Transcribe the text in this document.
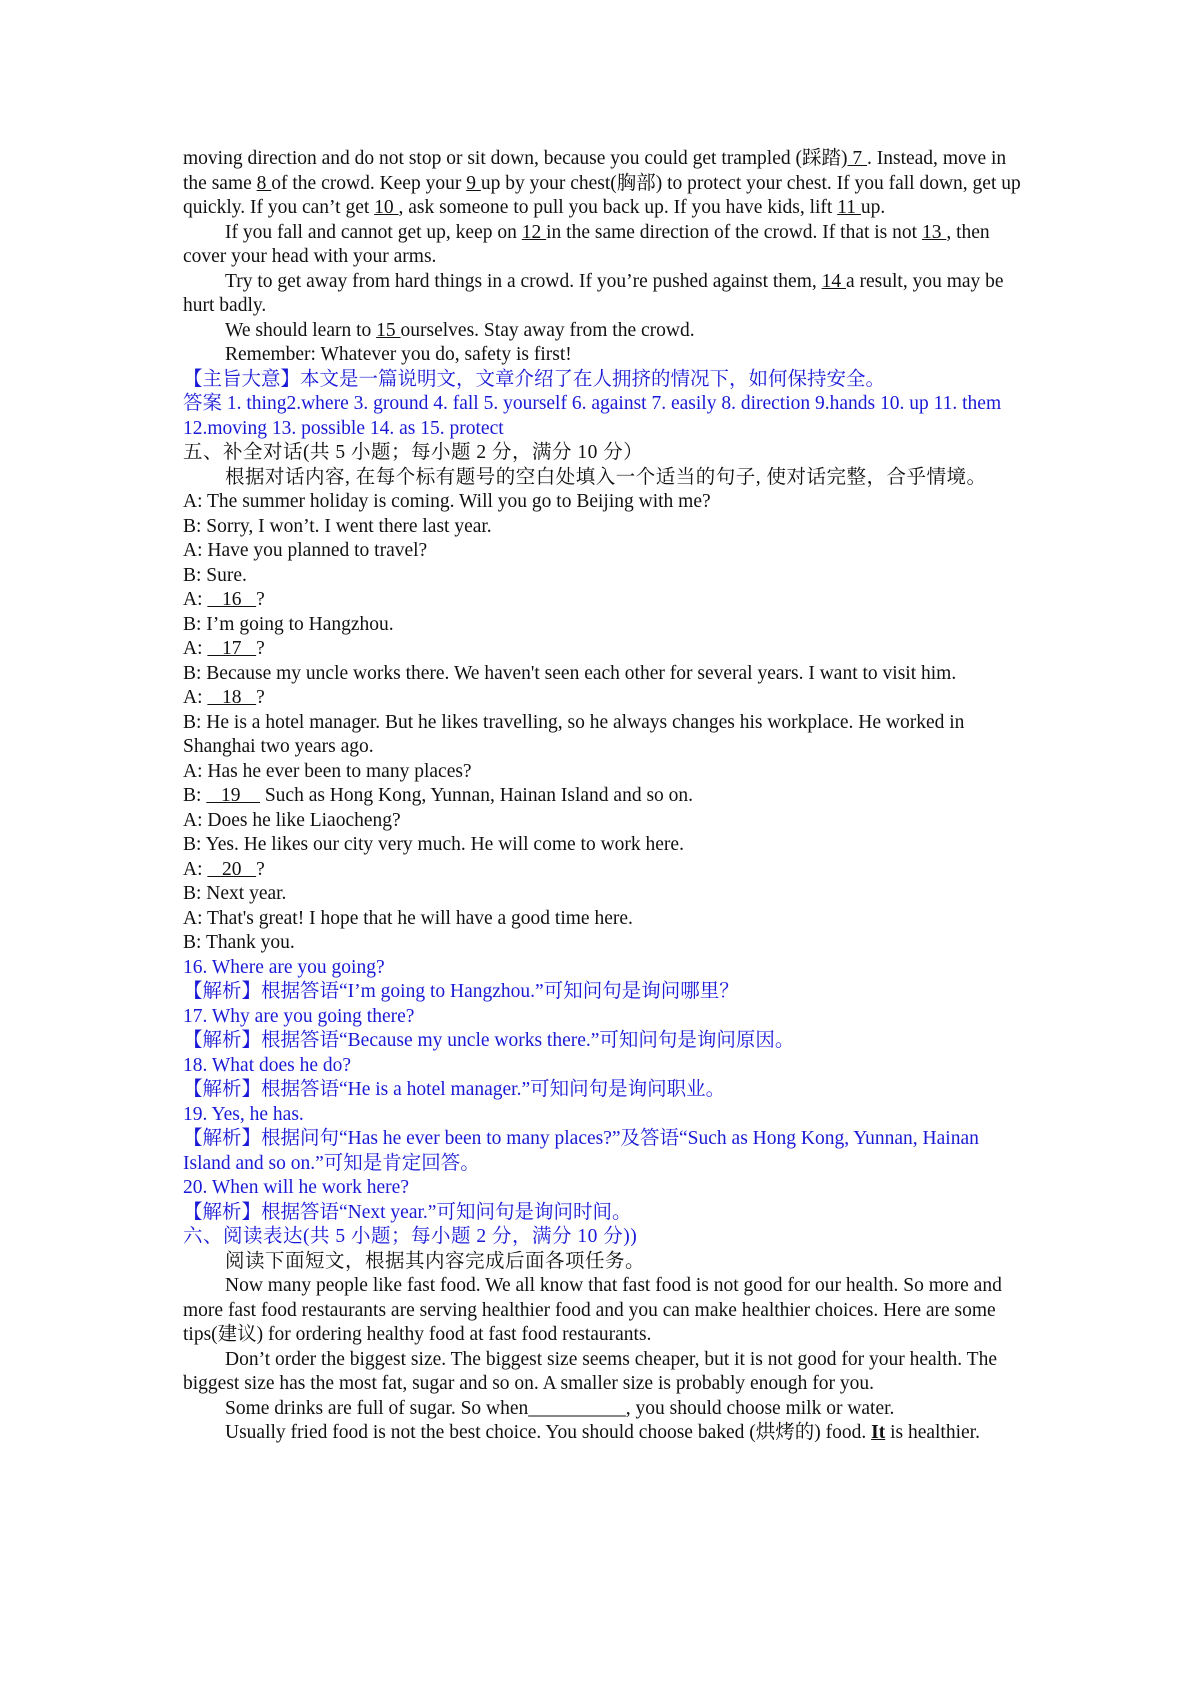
moving direction and do not stop or sit down, because you could get trampled (踩踏) 7 . Instead, move in the same 8 of the crowd. Keep your 9 up by your chest(胸部) to protect your chest. If you fall down, get up quickly. If you can’t get 10 , ask someone to pull you back up. If you have kids, lift 11 up.

If you fall and cannot get up, keep on 12 in the same direction of the crowd. If that is not 13 , then cover your head with your arms.

Try to get away from hard things in a crowd. If you’re pushed against them, 14 a result, you may be hurt badly.

We should learn to 15 ourselves. Stay away from the crowd.

Remember: Whatever you do, safety is first!

【主旨大意】本文是一篇说明文，文章介绍了在人拥挤的情况下，如何保持安全。

答案 1. thing2.where 3. ground 4. fall 5. yourself 6. against 7. easily 8. direction 9.hands 10. up 11. them 12.moving 13. possible 14. as 15. protect

五、补全对话(共 5 小题；每小题 2 分，满分 10 分）

根据对话内容, 在每个标有题号的空白处填入一个适当的句子, 使对话完整，合乎情境。

A: The summer holiday is coming. Will you go to Beijing with me?

B: Sorry, I won’t. I went there last year.

A: Have you planned to travel?

B: Sure.

A:    16   ?

B: I’m going to Hangzhou.

A:    17   ?

B: Because my uncle works there. We haven't seen each other for several years. I want to visit him.

A:    18   ?

B: He is a hotel manager. But he likes travelling, so he always changes his workplace. He worked in Shanghai two years ago.

A: Has he ever been to many places?

B:    19     Such as Hong Kong, Yunnan, Hainan Island and so on.

A: Does he like Liaocheng?

B: Yes. He likes our city very much. He will come to work here.

A:    20   ?

B: Next year.

A: That's great! I hope that he will have a good time here.

B: Thank you.

16. Where are you going?

【解析】根据答语“I’m going to Hangzhou.”可知问句是询问哪里？

17. Why are you going there?

【解析】根据答语“Because my uncle works there.”可知问句是询问原因。

18. What does he do?

【解析】根据答语“He is a hotel manager.”可知问句是询问职业。

19. Yes, he has.

【解析】根据问句“Has he ever been to many places?”及答语“Such as Hong Kong, Yunnan, Hainan Island and so on.”可知是肯定回答。

20. When will he work here?

【解析】根据答语“Next year.”可知问句是询问时间。

六、阅读表达(共 5 小题；每小题 2 分，满分 10 分))

阅读下面短文，根据其内容完成后面各项任务。

Now many people like fast food. We all know that fast food is not good for our health. So more and more fast food restaurants are serving healthier food and you can make healthier choices. Here are some tips(建议) for ordering healthy food at fast food restaurants.

Don’t order the biggest size. The biggest size seems cheaper, but it is not good for your health. The biggest size has the most fat, sugar and so on. A smaller size is probably enough for you.

Some drinks are full of sugar. So when__________, you should choose milk or water.

Usually fried food is not the best choice. You should choose baked (烘烤的) food. It is healthier.
